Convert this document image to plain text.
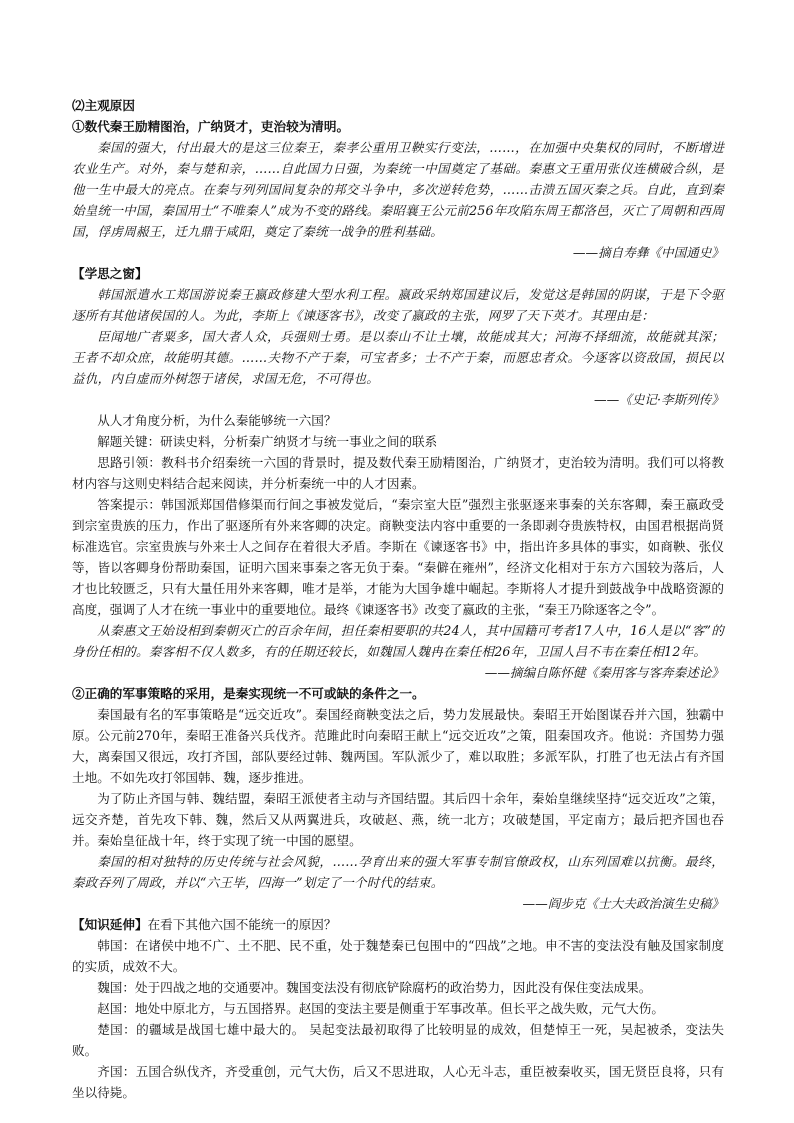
⑵主观原因

①数代秦王励精图治，广纳贤才，吏治较为清明。

秦国的强大，付出最大的是这三位秦王，秦孝公重用卫鞅实行变法，……，在加强中央集权的同时，不断增进农业生产。对外，秦与楚和亲，……自此国力日强，为秦统一中国奠定了基础。秦惠文王重用张仪连横破合纵，是他一生中最大的亮点。在秦与列列国间复杂的邦交斗争中，多次逆转危势，……击溃五国灭秦之兵。自此，直到秦始皇统一中国，秦国用士“不唯秦人”成为不变的路线。秦昭襄王公元前256年攻陷东周王都洛邑，灭亡了周朝和西周国，俘虏周赧王，迁九鼎于咸阳，奠定了秦统一战争的胜利基础。

——摘自寿彝《中国通史》

【学思之窗】

韩国派遣水工郑国游说秦王嬴政修建大型水利工程。嬴政采纳郑国建议后，发觉这是韩国的阴谋，于是下令驱逐所有其他诸侯国的人。为此，李斯上《谏逐客书》，改变了嬴政的主张，网罗了天下英才。其理由是：

臣闻地广者粟多，国大者人众，兵强则士勇。是以泰山不让土壤，故能成其大；河海不择细流，故能就其深；王者不却众庶，故能明其德。……夫物不产于秦，可宝者多；士不产于秦，而愿忠者众。今逐客以资敌国，损民以益仇，内自虚而外树怨于诸侯，求国无危，不可得也。

——《史记·李斯列传》

从人才角度分析，为什么秦能够统一六国？

解题关键：研读史料，分析秦广纳贤才与统一事业之间的联系

思路引领：教科书介绍秦统一六国的背景时，提及数代秦王励精图治，广纳贤才，吏治较为清明。我们可以将教材内容与这则史料结合起来阅读，并分析秦统一中的人才因素。

答案提示：韩国派郑国借修渠而行间之事被发觉后，“秦宗室大臣”强烈主张驱逐来事秦的关东客卿，秦王嬴政受到宗室贵族的压力，作出了驱逐所有外来客卿的决定。商鞅变法内容中重要的一条即剥夺贵族特权，由国君根据尚贤标准选官。宗室贵族与外来士人之间存在着很大矛盾。李斯在《谏逐客书》中，指出许多具体的事实，如商鞅、张仪等，皆以客卿身份帮助秦国，证明六国来事秦之客无负于秦。“秦僻在雍州”，经济文化相对于东方六国较为落后，人才也比较匮乏，只有大量任用外来客卿，唯才是举，才能为大国争雄中崛起。李斯将人才提升到鼓战争中战略资源的高度，强调了人才在统一事业中的重要地位。最终《谏逐客书》改变了嬴政的主张，“秦王乃除逐客之令”。

从秦惠文王始设相到秦朝灭亡的百余年间，担任秦相要职的共24人，其中国籍可考者17人中，16人是以“客”的身份任相的。秦客相不仅人数多，有的任期还较长，如魏国人魏冉在秦任相26年，卫国人吕不韦在秦任相12年。

——摘编自陈怀健《秦用客与客奔秦述论》

②正确的军事策略的采用，是秦实现统一不可或缺的条件之一。

秦国最有名的军事策略是“远交近攻”。秦国经商鞅变法之后，势力发展最快。秦昭王开始图谋吞并六国，独霸中原。公元前270年，秦昭王准备兴兵伐齐。范雎此时向秦昭王献上“远交近攻”之策，阻秦国攻齐。他说：齐国势力强大，离秦国又很远，攻打齐国，部队要经过韩、魏两国。军队派少了，难以取胜；多派军队，打胜了也无法占有齐国土地。不如先攻打邻国韩、魏，逐步推进。

为了防止齐国与韩、魏结盟，秦昭王派使者主动与齐国结盟。其后四十余年，秦始皇继续坚持“远交近攻”之策，远交齐楚，首先攻下韩、魏，然后又从两翼进兵，攻破赵、燕，统一北方；攻破楚国，平定南方；最后把齐国也吞并。秦始皇征战十年，终于实现了统一中国的愿望。

秦国的相对独特的历史传统与社会风貌，……孕育出来的强大军事专制官僚政权，山东列国难以抗衡。最终，秦政吞列了周政，并以“六王毕，四海一”划定了一个时代的结束。

——阎步克《士大夫政治演生史稿》

【知识延伸】在看下其他六国不能统一的原因？

韩国：在诸侯中地不广、土不肥、民不重，处于魏楚秦已包围中的“四战”之地。申不害的变法没有触及国家制度的实质，成效不大。

魏国：处于四战之地的交通要冲。魏国变法没有彻底铲除腐朽的政治势力，因此没有保住变法成果。

赵国：地处中原北方，与五国搭界。赵国的变法主要是侧重于军事改革。但长平之战失败，元气大伤。

楚国：的疆域是战国七雄中最大的。 吴起变法最初取得了比较明显的成效，但楚悼王一死，吴起被杀，变法失败。

齐国：五国合纵伐齐，齐受重创，元气大伤，后又不思进取，人心无斗志，重臣被秦收买，国无贤臣良将，只有坐以待毙。
